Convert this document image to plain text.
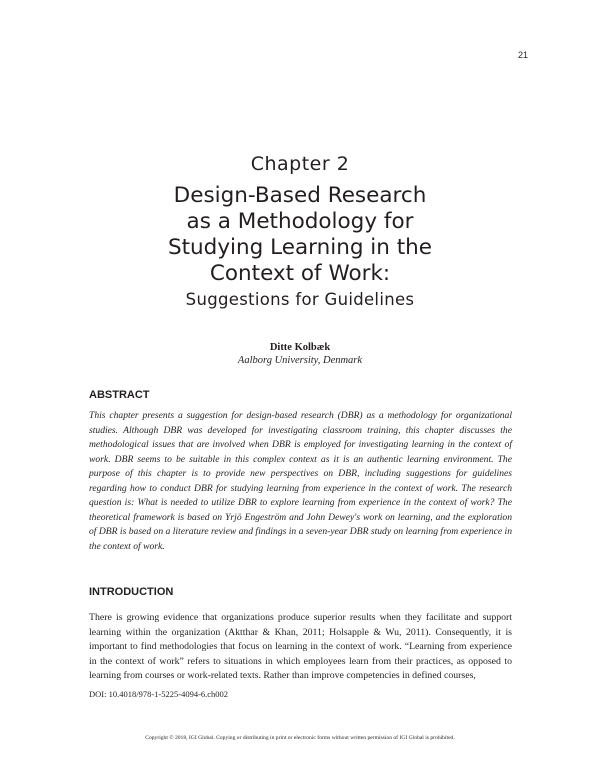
21
Chapter 2
Design-Based Research
as a Methodology for
Studying Learning in the
Context of Work:
Suggestions for Guidelines
Ditte Kolbæk
Aalborg University, Denmark
ABSTRACT

This chapter presents a suggestion for design-based research (DBR) as a methodology for organizational studies. Although DBR was developed for investigating classroom training, this chapter discusses the methodological issues that are involved when DBR is employed for investigating learning in the context of work. DBR seems to be suitable in this complex context as it is an authentic learning environment. The purpose of this chapter is to provide new perspectives on DBR, including suggestions for guidelines regarding how to conduct DBR for studying learning from experience in the context of work. The research question is: What is needed to utilize DBR to explore learning from experience in the context of work? The theoretical framework is based on Yrjö Engeström and John Dewey's work on learning, and the exploration of DBR is based on a literature review and findings in a seven-year DBR study on learning from experience in the context of work.

INTRODUCTION

There is growing evidence that organizations produce superior results when they facilitate and support learning within the organization (Aktthar & Khan, 2011; Holsapple & Wu, 2011). Consequently, it is important to find methodologies that focus on learning in the context of work. “Learning from experience in the context of work” refers to situations in which employees learn from their practices, as opposed to learning from courses or work-related texts. Rather than improve competencies in defined courses,

DOI: 10.4018/978-1-5225-4094-6.ch002
Copyright © 2018, IGI Global. Copying or distributing in print or electronic forms without written permission of IGI Global is prohibited.
